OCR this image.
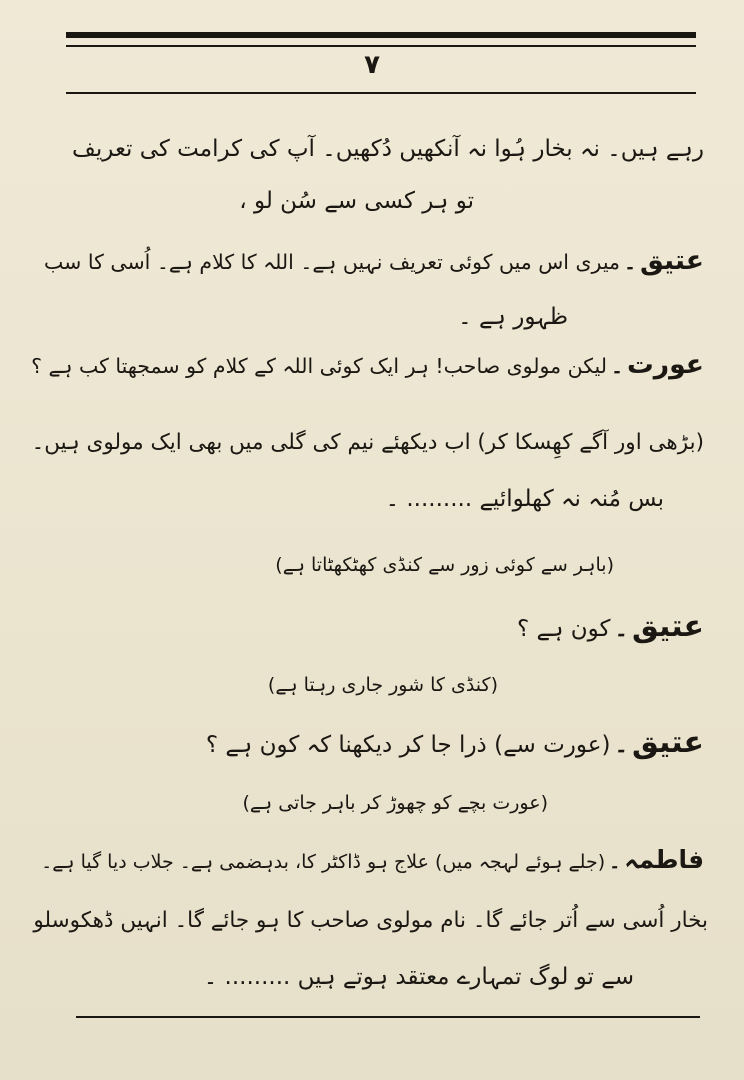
۷
رہے ہیں۔ نہ بخار ہُوا نہ آنکھیں دُکھیں۔ آپ کی کرامت کی تعریف
تو ہر کسی سے سُن لو ،
عتیق۔میری اس میں کوئی تعریف نہیں ہے۔ اللہ کا کلام ہے۔ اُسی کا سب
ظہور ہے ۔
عورت۔لیکن مولوی صاحب! ہر ایک کوئی اللہ کے کلام کو سمجھتا کب ہے ؟
(بڑھی اور آگے کھِسکا کر) اب دیکھئے نیم کی گلی میں بھی ایک مولوی ہیں۔
بس مُنہ نہ کھلوائیے ......... ۔
(باہر سے کوئی زور سے کنڈی کھٹکھٹاتا ہے)
عتیق۔کون ہے ؟
(کنڈی کا شور جاری رہتا ہے)
عتیق۔(عورت سے) ذرا جا کر دیکھنا کہ کون ہے ؟
(عورت بچے کو چھوڑ کر باہر جاتی ہے)
فاطمہ۔(جلے ہوئے لہجہ میں) علاج ہو ڈاکٹر کا، بدہضمی ہے۔ جلاب دیا گیا ہے۔
بخار اُسی سے اُتر جائے گا۔ نام مولوی صاحب کا ہو جائے گا۔ انہیں ڈھکوسلو
سے تو لوگ تمہارے معتقد ہوتے ہیں ......... ۔
